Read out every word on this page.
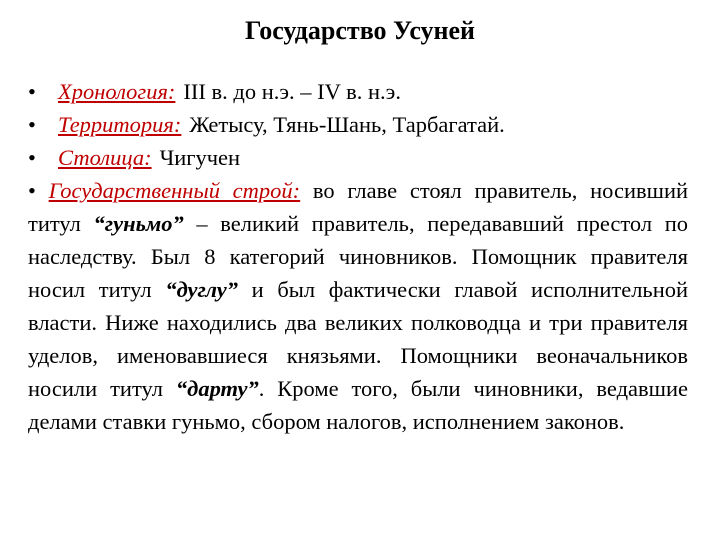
Государство Усуней
• Хронология: III в. до н.э. – IV в. н.э.
• Территория: Жетысу, Тянь-Шань, Тарбагатай.
• Столица: Чигучен
• Государственный строй: во главе стоял правитель, носивший титул “гуньмо” – великий правитель, передававший престол по наследству. Был 8 категорий чиновников. Помощник правителя носил титул “дуглу” и был фактически главой исполнительной власти. Ниже находились два великих полководца и три правителя уделов, именовавшиеся князьями. Помощники веоначальников носили титул “дарту”. Кроме того, были чиновники, ведавшие делами ставки гуньмо, сбором налогов, исполнением законов.
